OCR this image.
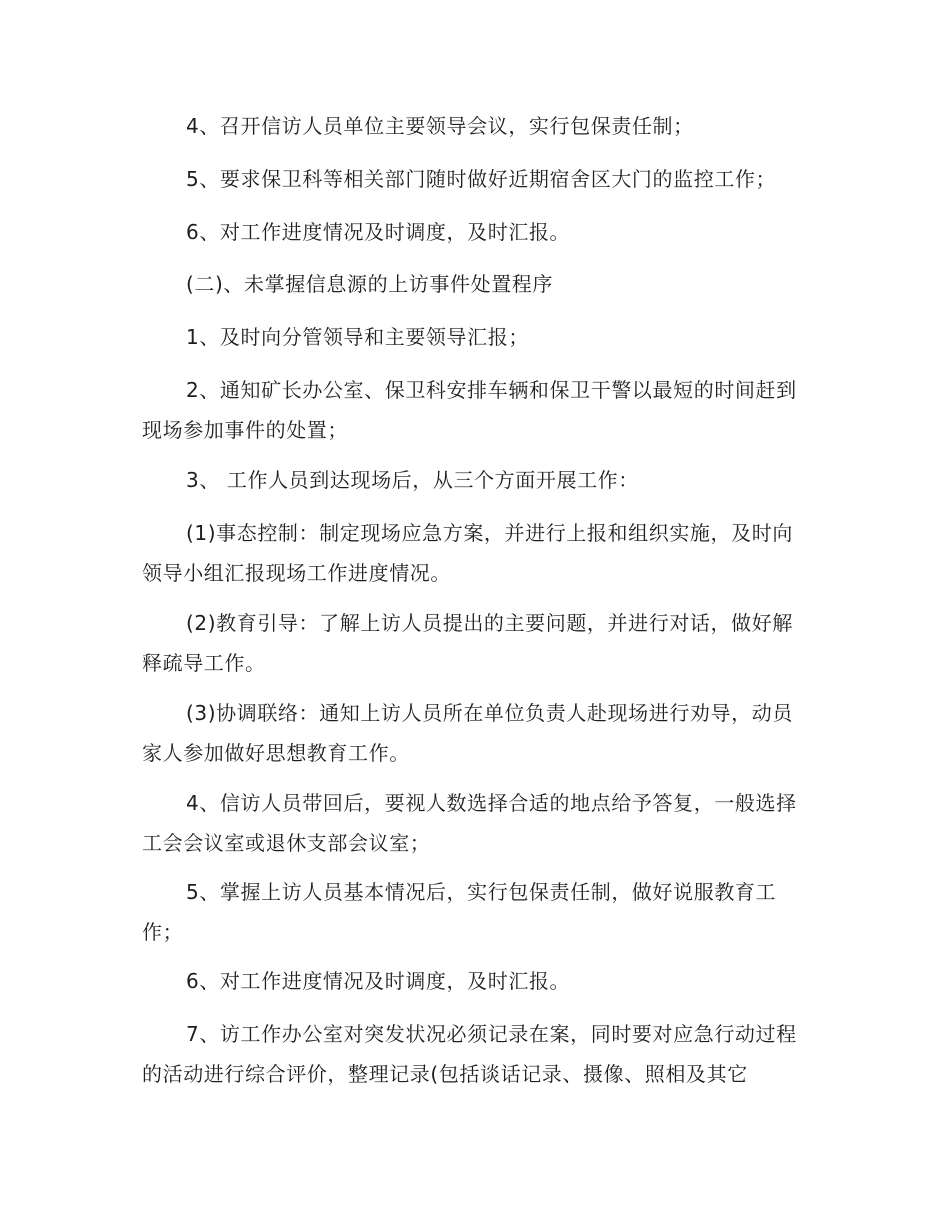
4、召开信访人员单位主要领导会议，实行包保责任制；

5、要求保卫科等相关部门随时做好近期宿舍区大门的监控工作；

6、对工作进度情况及时调度，及时汇报。

(二)、未掌握信息源的上访事件处置程序

1、及时向分管领导和主要领导汇报；

2、通知矿长办公室、保卫科安排车辆和保卫干警以最短的时间赶到现场参加事件的处置；

3、 工作人员到达现场后，从三个方面开展工作：

(1)事态控制：制定现场应急方案，并进行上报和组织实施，及时向领导小组汇报现场工作进度情况。

(2)教育引导：了解上访人员提出的主要问题，并进行对话，做好解释疏导工作。

(3)协调联络：通知上访人员所在单位负责人赴现场进行劝导，动员家人参加做好思想教育工作。

4、信访人员带回后，要视人数选择合适的地点给予答复，一般选择工会会议室或退休支部会议室；

5、掌握上访人员基本情况后，实行包保责任制，做好说服教育工作；

6、对工作进度情况及时调度，及时汇报。

7、访工作办公室对突发状况必须记录在案，同时要对应急行动过程的活动进行综合评价，整理记录(包括谈话记录、摄像、照相及其它
